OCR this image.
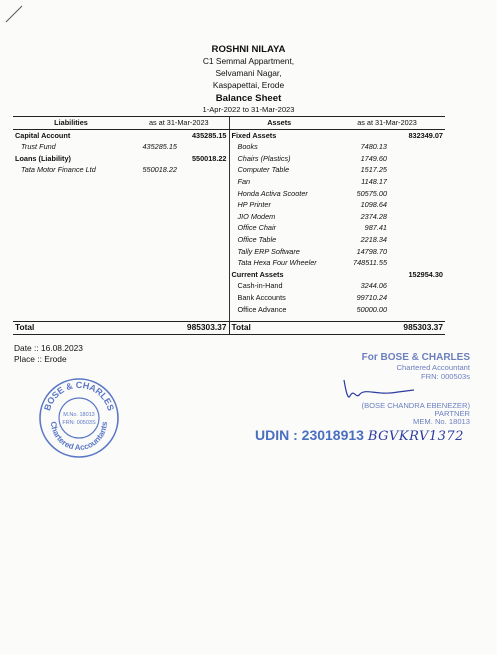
ROSHNI NILAYA
C1 Semmal Appartment,
Selvamani Nagar,
Kaspapettai, Erode
Balance Sheet
1-Apr-2022 to 31-Mar-2023
Liabilities	as at 31-Mar-2023		Assets	as at 31-Mar-2023	
Capital Account		435285.15	Fixed Assets		832349.07
Trust Fund	435285.15		Books	7480.13	
Loans (Liability)		550018.22	Chairs (Plastics)	1749.60	
Tata Motor Finance Ltd	550018.22		Computer Table	1517.25	
			Fan	1148.17	
			Honda Activa Scooter	50575.00	
			HP Printer	1098.64	
			JIO Modem	2374.28	
			Office Chair	987.41	
			Office Table	2218.34	
			Tally ERP Software	14798.70	
			Tata Hexa Four Wheeler	748511.55	
			Current Assets		152954.30
			Cash-in-Hand	3244.06	
			Bank Accounts	99710.24	
			Office Advance	50000.00	

Total		985303.37	Total		985303.37
Date :: 16.08.2023
Place :: Erode
BOSE & CHARLES
Chartered Accountants
M.No. 18013
FRN: 00503S
For BOSE & CHARLES
Chartered Accountant
FRN: 000503s
(BOSE CHANDRA EBENEZER)
PARTNER
MEM. No. 18013
UDIN : 23018913 BGVKRV1372
